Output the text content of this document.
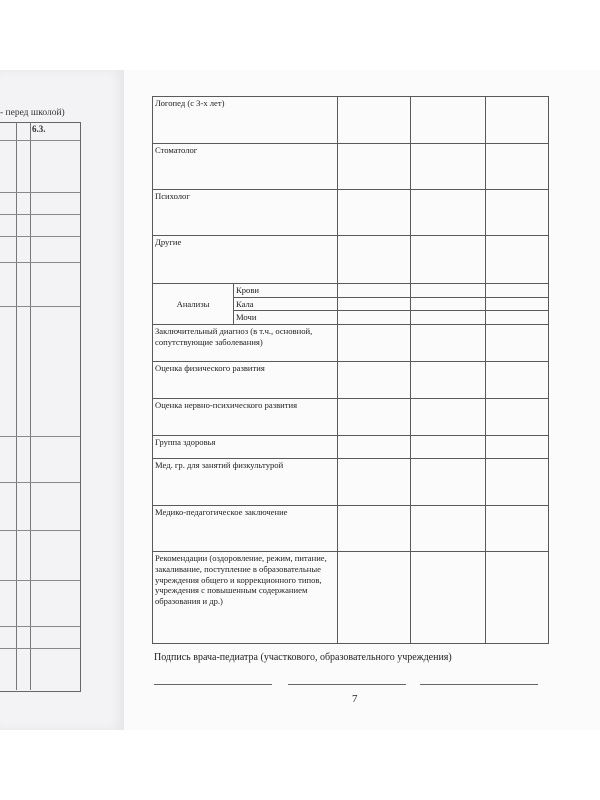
- перед школой)
6.3.
Логопед (с 3-х лет)				
Стоматолог				
Психолог				
Другие				
Анализы	Крови			
	Кала			
	Мочи			
Заключительный диагноз (в т.ч., основной, сопутствующие заболевания)				
Оценка физического развития				
Оценка нервно-психического развития				
Группа здоровья				
Мед. гр. для занятий физкультурой				
Медико-педагогическое заключение				
Рекомендации (оздоровление, режим, питание, закаливание, поступление в образовательные учреждения общего и коррекционного типов, учреждения с повышенным содержанием образования и др.)				
Подпись врача-педиатра (участкового, образовательного учреждения)
7
